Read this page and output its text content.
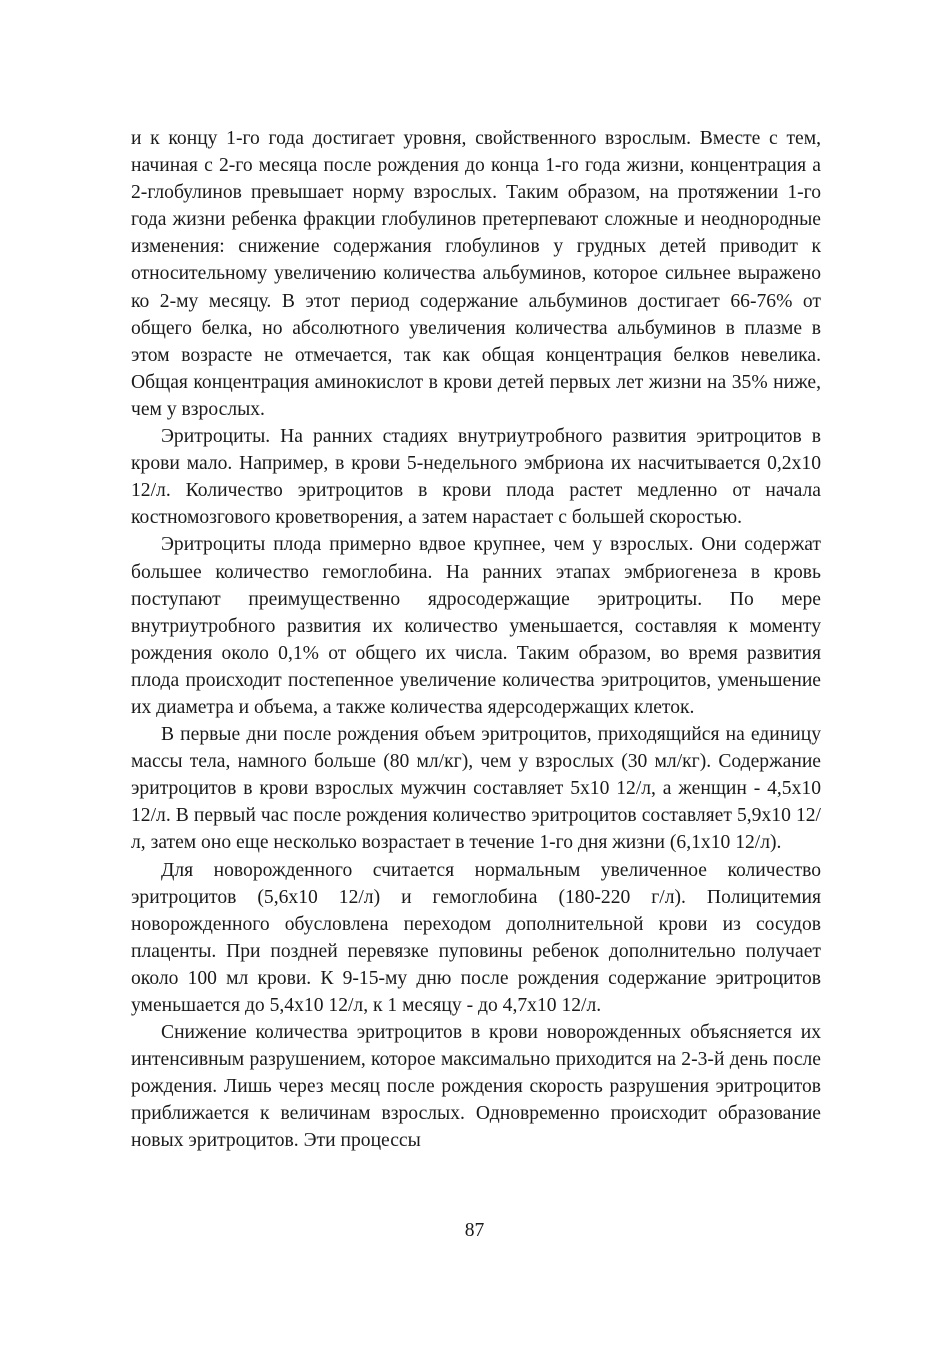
и к концу 1-го года достигает уровня, свойственного взрослым. Вместе с тем, начиная с 2-го месяца после рождения до конца 1-го года жизни, концентрация a 2-глобулинов превышает норму взрослых. Таким образом, на протяжении 1-го года жизни ребенка фракции глобулинов претерпевают сложные и неоднородные изменения: снижение содержания глобулинов у грудных детей приводит к относительному увеличению количества альбуминов, которое сильнее выражено ко 2-му месяцу. В этот период содержание альбуминов достигает 66-76% от общего белка, но абсолютного увеличения количества альбуминов в плазме в этом возрасте не отмечается, так как общая концентрация белков невелика. Общая концентрация аминокислот в крови детей первых лет жизни на 35% ниже, чем у взрослых.

Эритроциты. На ранних стадиях внутриутробного развития эритроцитов в крови мало. Например, в крови 5-недельного эмбриона их насчитывается 0,2x10 12/л. Количество эритроцитов в крови плода растет медленно от начала костномозгового кроветворения, а затем нарастает с большей скоростью.

Эритроциты плода примерно вдвое крупнее, чем у взрослых. Они содержат большее количество гемоглобина. На ранних этапах эмбриогенеза в кровь поступают преимущественно ядросодержащие эритроциты. По мере внутриутробного развития их количество уменьшается, составляя к моменту рождения около 0,1% от общего их числа. Таким образом, во время развития плода происходит постепенное увеличение количества эритроцитов, уменьшение их диаметра и объема, а также количества ядерсодержащих клеток.

В первые дни после рождения объем эритроцитов, приходящийся на единицу массы тела, намного больше (80 мл/кг), чем у взрослых (30 мл/кг). Содержание эритроцитов в крови взрослых мужчин составляет 5x10 12/л, а женщин - 4,5x10 12/л. В первый час после рождения количество эритроцитов составляет 5,9x10 12/л, затем оно еще несколько возрастает в течение 1-го дня жизни (6,1x10 12/л).

Для новорожденного считается нормальным увеличенное количество эритроцитов (5,6x10 12/л) и гемоглобина (180-220 г/л). Полицитемия новорожденного обусловлена переходом дополнительной крови из сосудов плаценты. При поздней перевязке пуповины ребенок дополнительно получает около 100 мл крови. К 9-15-му дню после рождения содержание эритроцитов уменьшается до 5,4x10 12/л, к 1 месяцу - до 4,7x10 12/л.

Снижение количества эритроцитов в крови новорожденных объясняется их интенсивным разрушением, которое максимально приходится на 2-3-й день после рождения. Лишь через месяц после рождения скорость разрушения эритроцитов приближается к величинам взрослых. Одновременно происходит образование новых эритроцитов. Эти процессы

87
